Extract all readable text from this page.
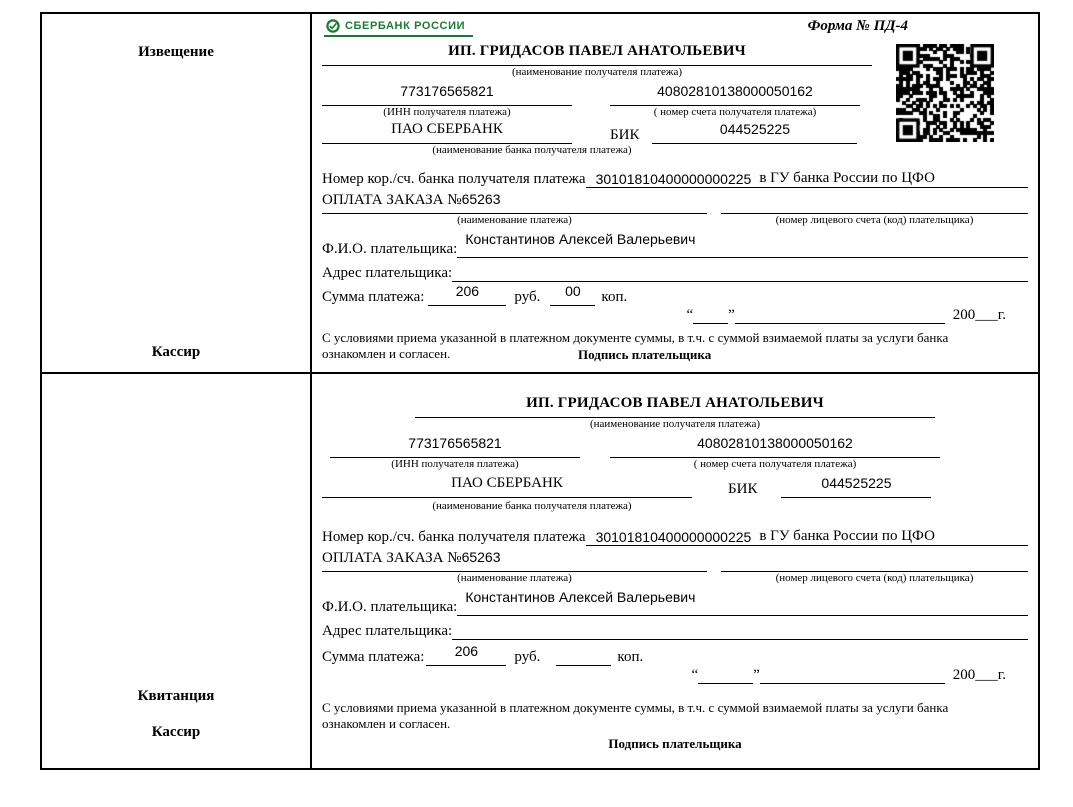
Извещение
Кассир
СБЕРБАНК РОССИИ	Форма № ПД-4
ИП. ГРИДАСОВ ПАВЕЛ АНАТОЛЬЕВИЧ
(наименование получателя платежа)
773176565821	40802810138000050162
(ИНН получателя платежа)	( номер счета получателя платежа)
ПАО СБЕРБАНК	БИК	044525225
(наименование банка получателя платежа)
Номер кор./сч. банка получателя платежа 30101810400000000225 в ГУ банка России по ЦФО
ОПЛАТА ЗАКАЗА №65263
(наименование платежа)	(номер лицевого счета (код) плательщика)
Ф.И.О. плательщика:
Константинов Алексей Валерьевич
Адрес плательщика:
Сумма платежа:	206	руб.	00	коп.
“ ”	200___г.
С условиями приема указанной в платежном документе суммы, в т.ч. с суммой взимаемой платы за услуги банка ознакомлен и согласен.	Подпись плательщика
Квитанция
Кассир
ИП. ГРИДАСОВ ПАВЕЛ АНАТОЛЬЕВИЧ
(наименование получателя платежа)
773176565821	40802810138000050162
(ИНН получателя платежа)	( номер счета получателя платежа)
ПАО СБЕРБАНК	БИК	044525225
(наименование банка получателя платежа)
Номер кор./сч. банка получателя платежа 30101810400000000225 в ГУ банка России по ЦФО
ОПЛАТА ЗАКАЗА №65263
(наименование платежа)	(номер лицевого счета (код) плательщика)
Ф.И.О. плательщика:
Константинов Алексей Валерьевич
Адрес плательщика:
Сумма платежа:	206	руб.	коп.
“	”	200___г.
С условиями приема указанной в платежном документе суммы, в т.ч. с суммой взимаемой платы за услуги банка ознакомлен и согласен.
Подпись плательщика
